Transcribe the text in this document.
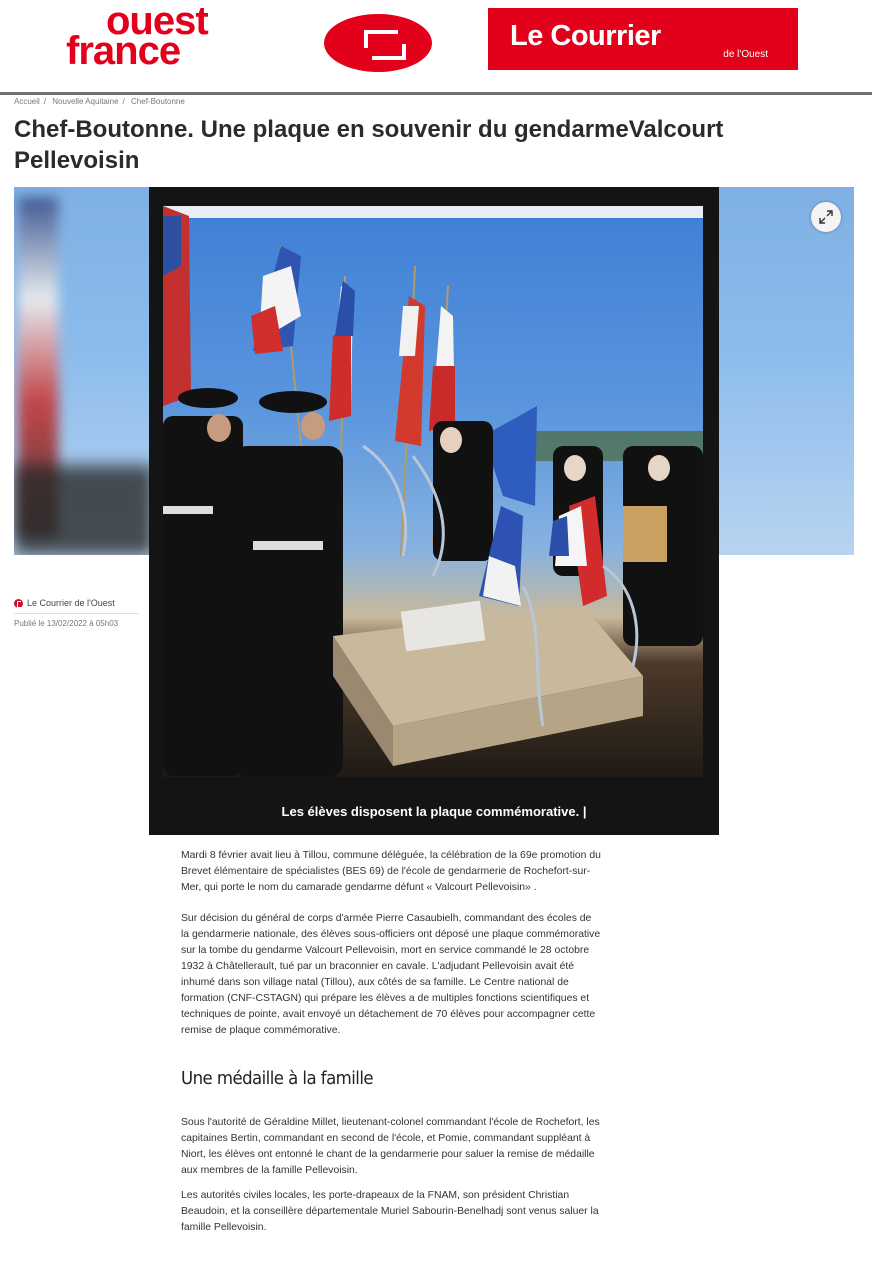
ouest
france	Le Courrier
de l'Ouest
Accueil / Nouvelle Aquitaine / Chef-Boutonne
Chef-Boutonne. Une plaque en souvenir du gendarmeValcourt Pellevoisin
Le Courrier de l'Ouest
Publié le 13/02/2022 à 05h03
Les élèves disposent la plaque commémorative. |

Mardi 8 février avait lieu à Tillou, commune déléguée, la célébration de la 69e promotion du Brevet élémentaire de spécialistes (BES 69) de l'école de gendarmerie de Rochefort-sur-Mer, qui porte le nom du camarade gendarme défunt « Valcourt Pellevoisin» .

Sur décision du général de corps d'armée Pierre Casaubielh, commandant des écoles de la gendarmerie nationale, des élèves sous-officiers ont déposé une plaque commémorative sur la tombe du gendarme Valcourt Pellevoisin, mort en service commandé le 28 octobre 1932 à Châtellerault, tué par un braconnier en cavale. L'adjudant Pellevoisin avait été inhumé dans son village natal (Tillou), aux côtés de sa famille. Le Centre national de formation (CNF-CSTAGN) qui prépare les élèves a de multiples fonctions scientifiques et techniques de pointe, avait envoyé un détachement de 70 élèves pour accompagner cette remise de plaque commémorative.

Une médaille à la famille

Sous l'autorité de Géraldine Millet, lieutenant-colonel commandant l'école de Rochefort, les capitaines Bertin, commandant en second de l'école, et Pomie, commandant suppléant à Niort, les élèves ont entonné le chant de la gendarmerie pour saluer la remise de médaille aux membres de la famille Pellevoisin.

Les autorités civiles locales, les porte-drapeaux de la FNAM, son président Christian Beaudoin, et la conseillère départementale Muriel Sabourin-Benelhadj sont venus saluer la famille Pellevoisin.
